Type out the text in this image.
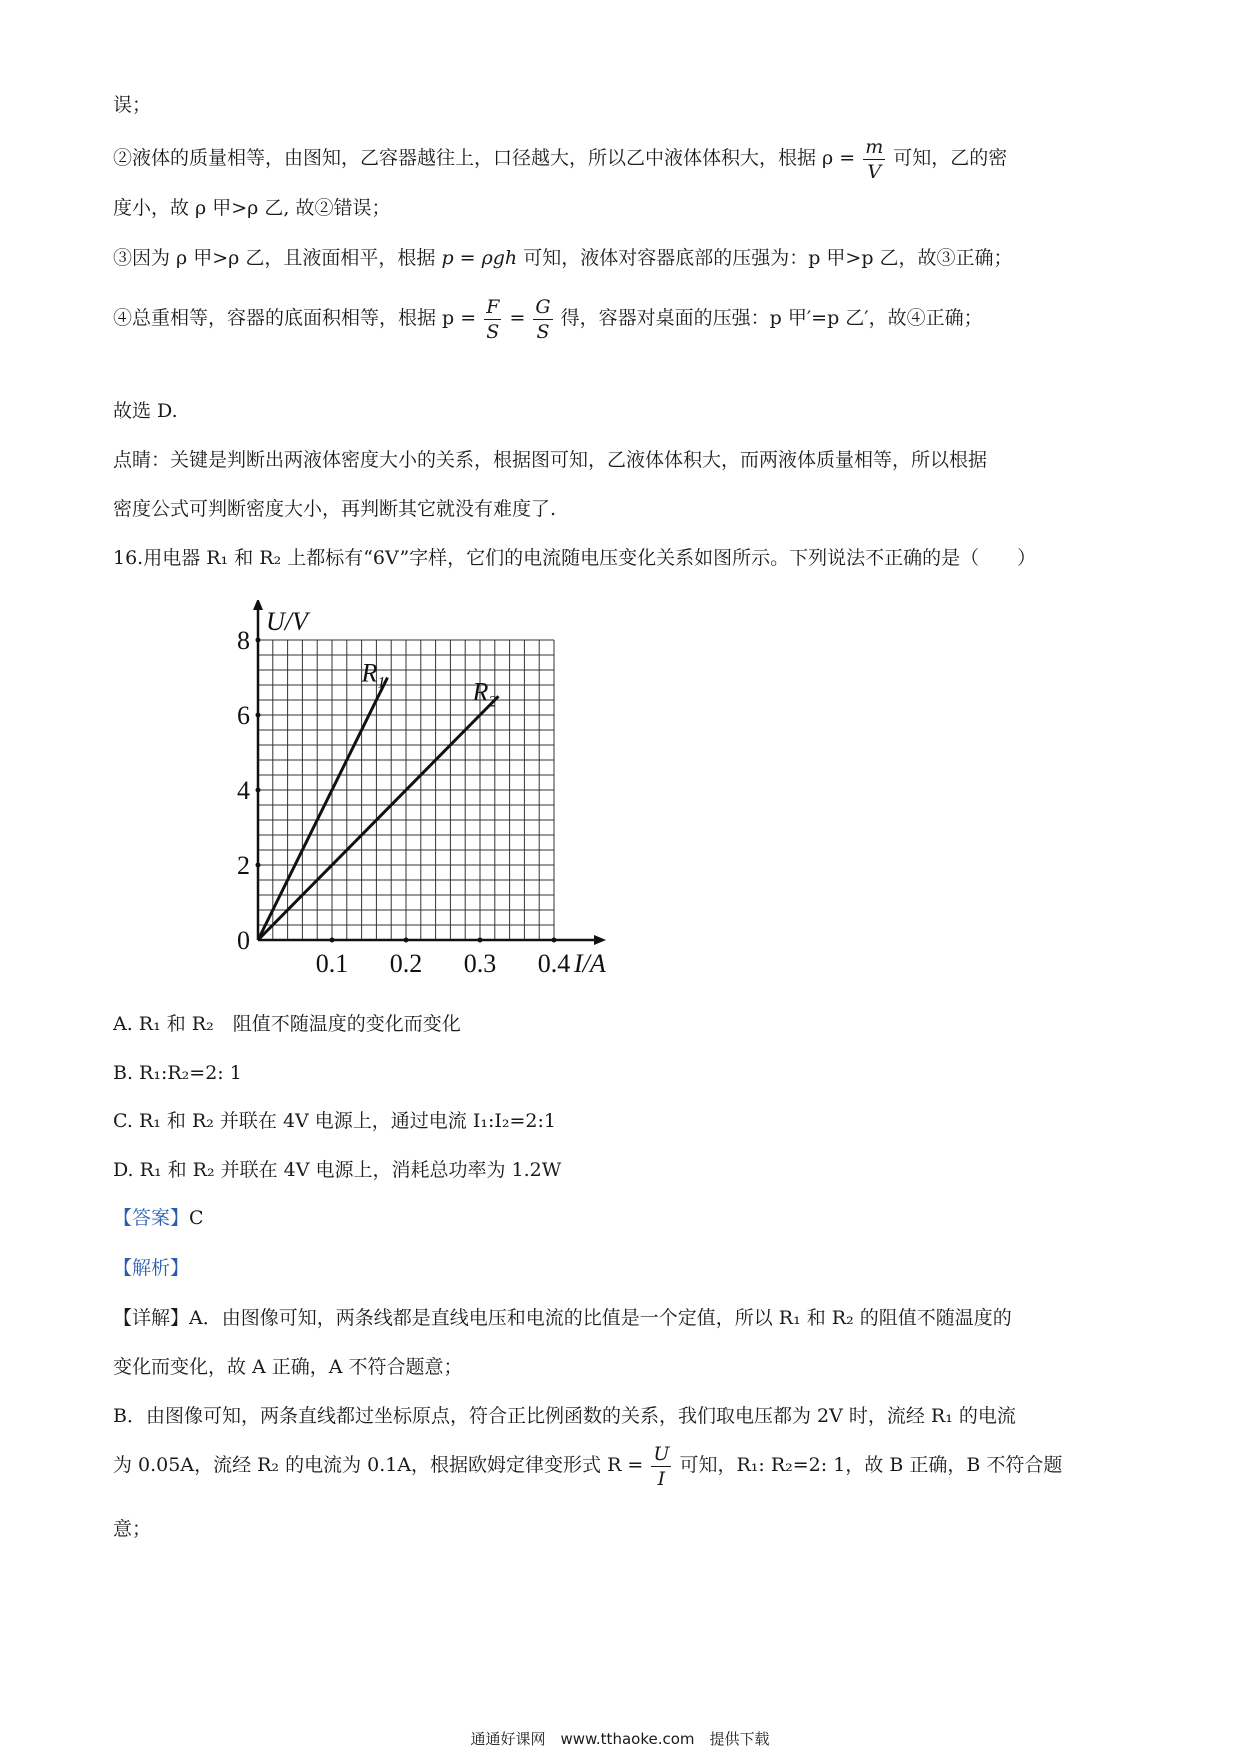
误；
②液体的质量相等，由图知，乙容器越往上，口径越大，所以乙中液体体积大，根据 $\rho = \frac{m}{V}$ 可知，乙的密
度小，故 ρ 甲>ρ 乙, 故②错误；
③因为 ρ 甲>ρ 乙，且液面相平，根据 p = ρgh 可知，液体对容器底部的压强为：p 甲>p 乙，故③正确；
④总重相等，容器的底面积相等，根据 $p = \frac{F}{S} = \frac{G}{S}$ 得，容器对桌面的压强：p 甲′=p 乙′，故④正确；
故选 D.
点睛：关键是判断出两液体密度大小的关系，根据图可知，乙液体体积大，而两液体质量相等，所以根据
密度公式可判断密度大小，再判断其它就没有难度了.
16.用电器 R₁ 和 R₂ 上都标有“6V”字样，它们的电流随电压变化关系如图所示。下列说法不正确的是（　　）
0.1 0.2 0.3 0.4
0
2
4
6
8
U/V
I/A
$R_1$	$R_2$
A. R₁ 和 R₂　阻值不随温度的变化而变化
B. R₁:R₂=2: 1
C. R₁ 和 R₂ 并联在 4V 电源上，通过电流 I₁:I₂=2:1
D. R₁ 和 R₂ 并联在 4V 电源上，消耗总功率为 1.2W
【答案】C
【解析】
【详解】A．由图像可知，两条线都是直线电压和电流的比值是一个定值，所以 R₁ 和 R₂ 的阻值不随温度的
变化而变化，故 A 正确，A 不符合题意；
B．由图像可知，两条直线都过坐标原点，符合正比例函数的关系，我们取电压都为 2V 时，流经 R₁ 的电流
为 0.05A，流经 R₂ 的电流为 0.1A，根据欧姆定律变形式 $R = \frac{U}{I}$ 可知，R₁: R₂=2: 1，故 B 正确，B 不符合题
意；
通通好课网　www.tthaoke.com　提供下载
